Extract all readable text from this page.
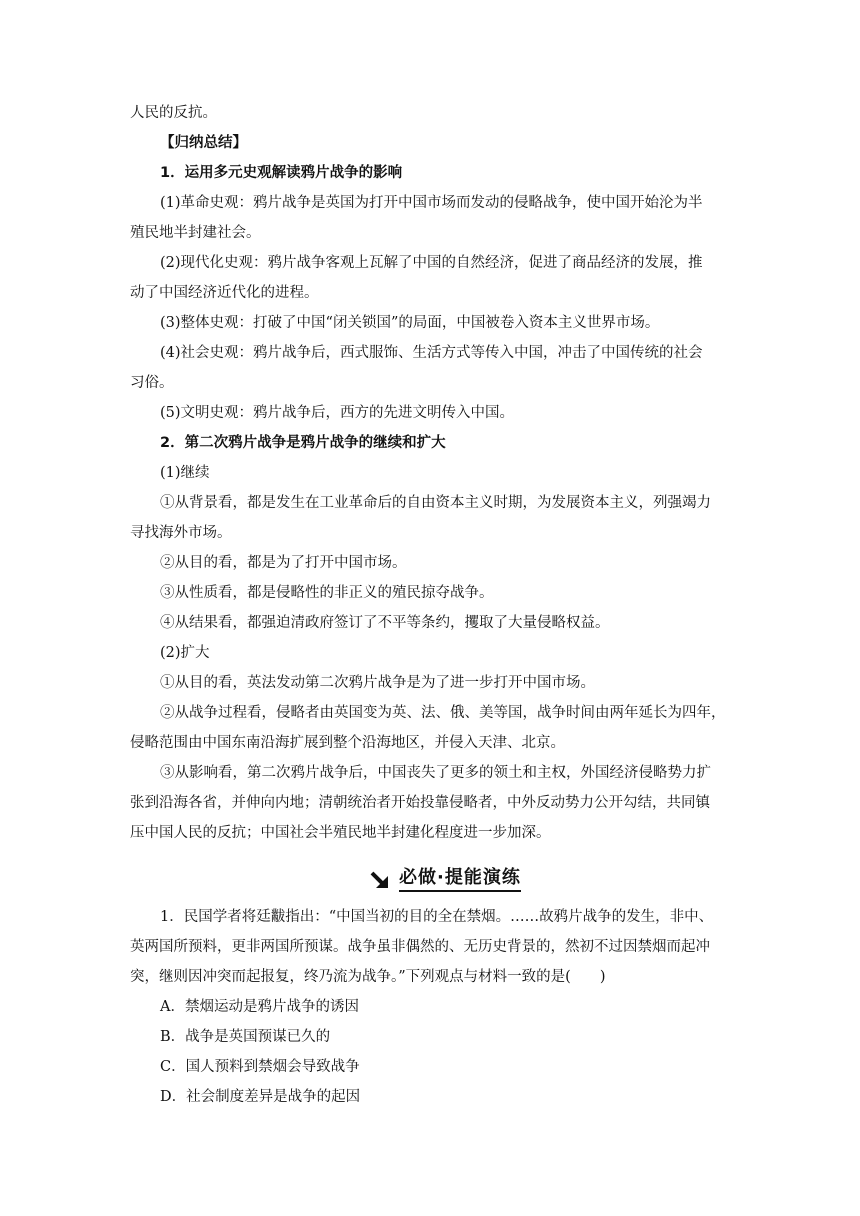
人民的反抗。
【归纳总结】
1．运用多元史观解读鸦片战争的影响
(1)革命史观：鸦片战争是英国为打开中国市场而发动的侵略战争，使中国开始沦为半
殖民地半封建社会。
(2)现代化史观：鸦片战争客观上瓦解了中国的自然经济，促进了商品经济的发展，推
动了中国经济近代化的进程。
(3)整体史观：打破了中国“闭关锁国”的局面，中国被卷入资本主义世界市场。
(4)社会史观：鸦片战争后，西式服饰、生活方式等传入中国，冲击了中国传统的社会
习俗。
(5)文明史观：鸦片战争后，西方的先进文明传入中国。
2．第二次鸦片战争是鸦片战争的继续和扩大
(1)继续
①从背景看，都是发生在工业革命后的自由资本主义时期，为发展资本主义，列强竭力
寻找海外市场。
②从目的看，都是为了打开中国市场。
③从性质看，都是侵略性的非正义的殖民掠夺战争。
④从结果看，都强迫清政府签订了不平等条约，攫取了大量侵略权益。
(2)扩大
①从目的看，英法发动第二次鸦片战争是为了进一步打开中国市场。
②从战争过程看，侵略者由英国变为英、法、俄、美等国，战争时间由两年延长为四年，
侵略范围由中国东南沿海扩展到整个沿海地区，并侵入天津、北京。
③从影响看，第二次鸦片战争后，中国丧失了更多的领土和主权，外国经济侵略势力扩
张到沿海各省，并伸向内地；清朝统治者开始投靠侵略者，中外反动势力公开勾结，共同镇
压中国人民的反抗；中国社会半殖民地半封建化程度进一步加深。
必做·提能演练
1．民国学者将廷黻指出：“中国当初的目的全在禁烟。……故鸦片战争的发生，非中、
英两国所预料，更非两国所预谋。战争虽非偶然的、无历史背景的，然初不过因禁烟而起冲
突，继则因冲突而起报复，终乃流为战争。”下列观点与材料一致的是(　　)
A．禁烟运动是鸦片战争的诱因
B．战争是英国预谋已久的
C．国人预料到禁烟会导致战争
D．社会制度差异是战争的起因
